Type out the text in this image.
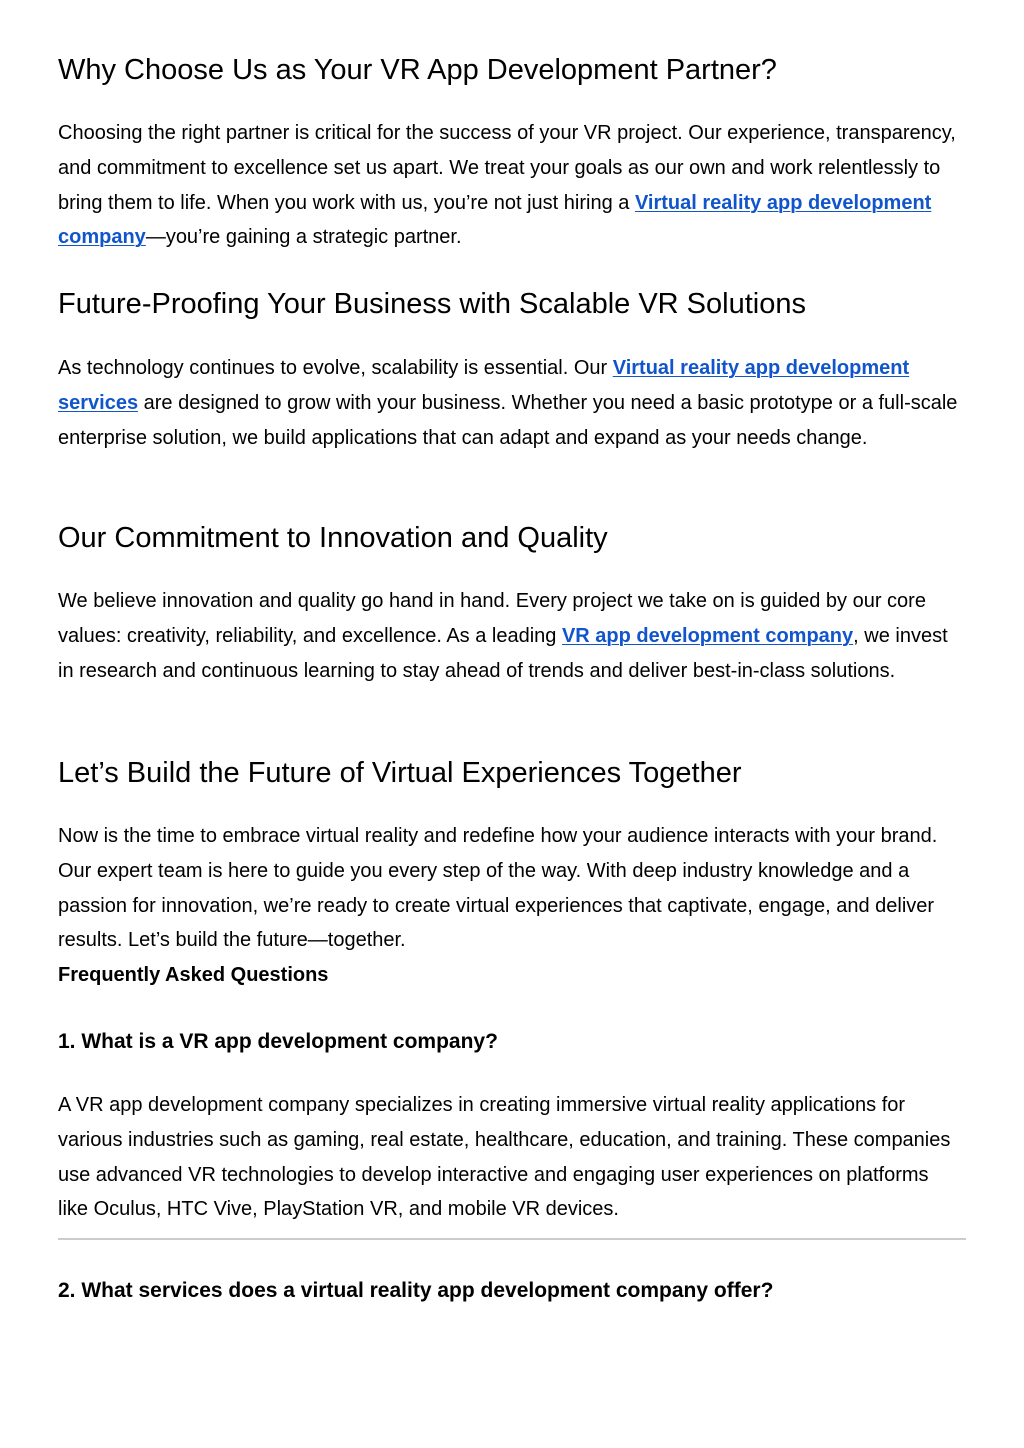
Why Choose Us as Your VR App Development Partner?

Choosing the right partner is critical for the success of your VR project. Our experience, transparency, and commitment to excellence set us apart. We treat your goals as our own and work relentlessly to bring them to life. When you work with us, you’re not just hiring a Virtual reality app development company—you’re gaining a strategic partner.

Future-Proofing Your Business with Scalable VR Solutions

As technology continues to evolve, scalability is essential. Our Virtual reality app development services are designed to grow with your business. Whether you need a basic prototype or a full-scale enterprise solution, we build applications that can adapt and expand as your needs change.

Our Commitment to Innovation and Quality

We believe innovation and quality go hand in hand. Every project we take on is guided by our core values: creativity, reliability, and excellence. As a leading VR app development company, we invest in research and continuous learning to stay ahead of trends and deliver best-in-class solutions.

Let’s Build the Future of Virtual Experiences Together

Now is the time to embrace virtual reality and redefine how your audience interacts with your brand. Our expert team is here to guide you every step of the way. With deep industry knowledge and a passion for innovation, we’re ready to create virtual experiences that captivate, engage, and deliver results. Let’s build the future—together.

Frequently Asked Questions
1. What is a VR app development company?

A VR app development company specializes in creating immersive virtual reality applications for various industries such as gaming, real estate, healthcare, education, and training. These companies use advanced VR technologies to develop interactive and engaging user experiences on platforms like Oculus, HTC Vive, PlayStation VR, and mobile VR devices.

2. What services does a virtual reality app development company offer?
